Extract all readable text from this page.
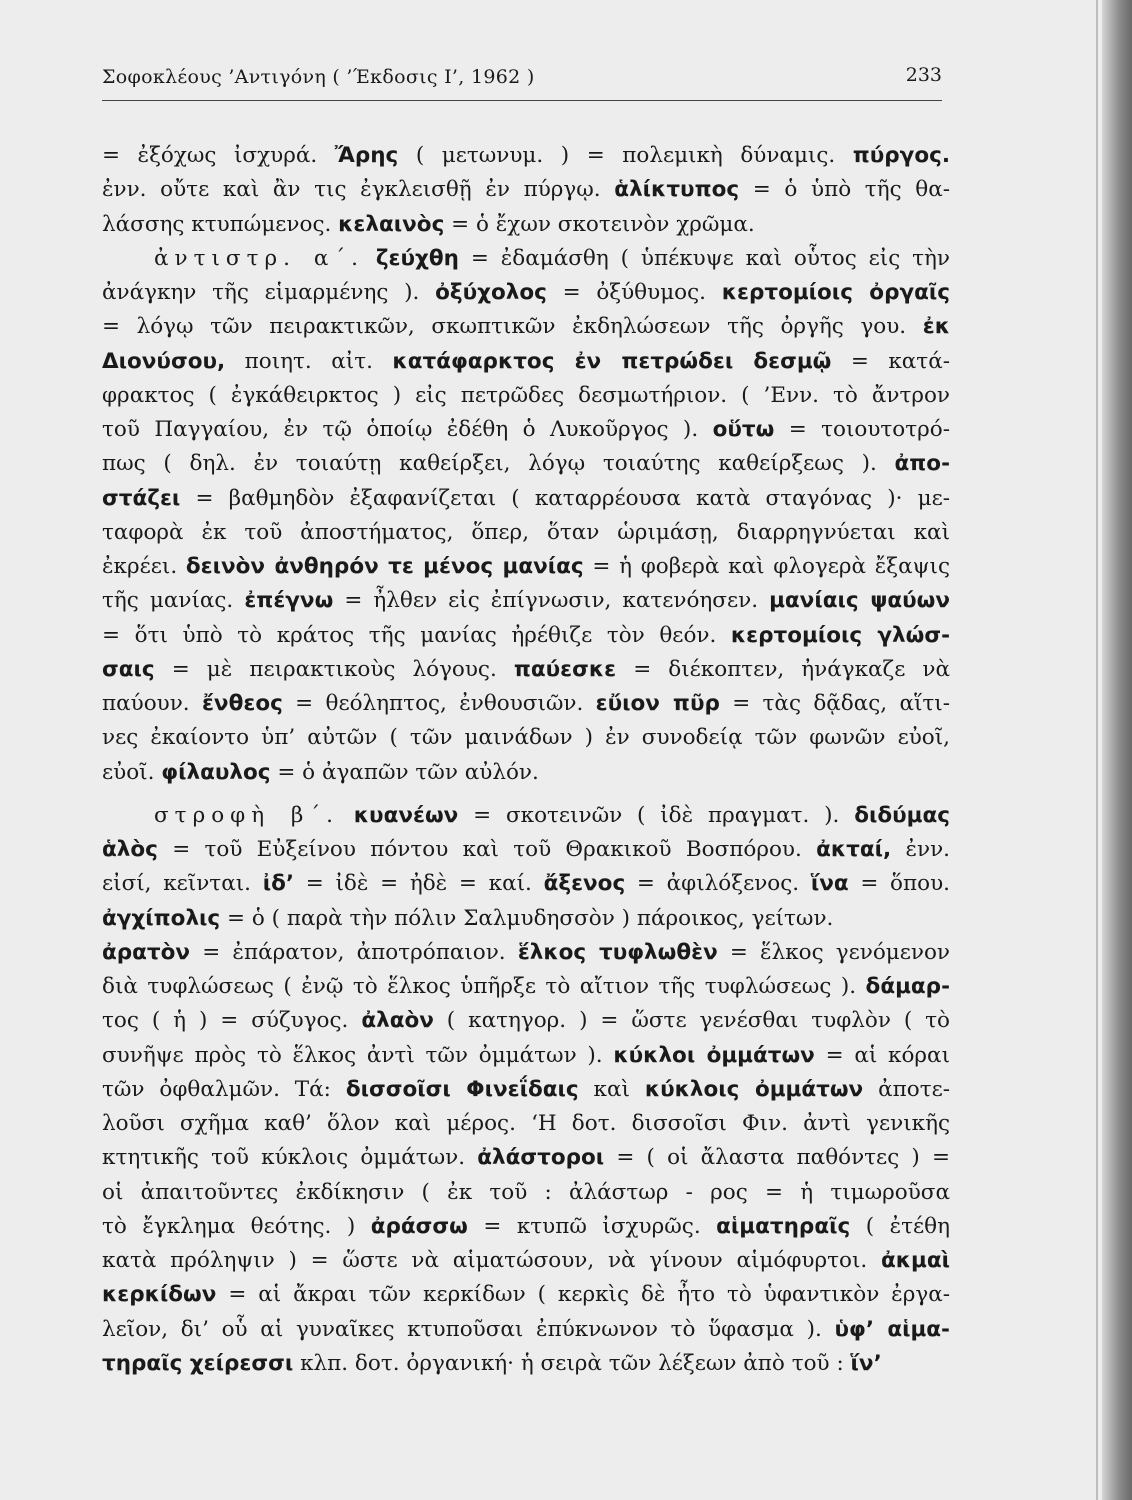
Σοφοκλέους ’Αντιγόνη ( ’Έκδοσις Ι’, 1962 )	233
= ἐξόχως ἰσχυρά. Ἄρης ( μετωνυμ. ) = πολεμικὴ δύναμις. πύργος.
ἐνν. οὔτε καὶ ἂν τις ἐγκλεισθῇ ἐν πύργῳ. ἁλίκτυπος = ὁ ὑπὸ τῆς θα-
λάσσης κτυπώμενος. κελαινὸς = ὁ ἔχων σκοτεινὸν χρῶμα.
ἀντιστρ. α΄. ζεύχθη = ἐδαμάσθη ( ὑπέκυψε καὶ οὗτος εἰς τὴν
ἀνάγκην τῆς εἱμαρμένης ). ὀξύχολος = ὀξύθυμος. κερτομίοις ὀργαῖς
= λόγῳ τῶν πειρακτικῶν, σκωπτικῶν ἐκδηλώσεων τῆς ὀργῆς γου. ἐκ
Διονύσου, ποιητ. αἰτ. κατάφαρκτος ἐν πετρώδει δεσμῷ = κατά-
φρακτος ( ἐγκάθειρκτος ) εἰς πετρῶδες δεσμωτήριον. ( ’Ενν. τὸ ἄντρον
τοῦ Παγγαίου, ἐν τῷ ὁποίῳ ἐδέθη ὁ Λυκοῦργος ). οὕτω = τοιουτοτρό-
πως ( δηλ. ἐν τοιαύτῃ καθείρξει, λόγῳ τοιαύτης καθείρξεως ). ἀπο-
στάζει = βαθμηδὸν ἐξαφανίζεται ( καταρρέουσα κατὰ σταγόνας )· με-
ταφορὰ ἐκ τοῦ ἀποστήματος, ὅπερ, ὅταν ὡριμάσῃ, διαρρηγνύεται καὶ
ἐκρέει. δεινὸν ἀνθηρόν τε μένος μανίας = ἡ φοβερὰ καὶ φλογερὰ ἔξαψις
τῆς μανίας. ἐπέγνω = ἦλθεν εἰς ἐπίγνωσιν, κατενόησεν. μανίαις ψαύων
= ὅτι ὑπὸ τὸ κράτος τῆς μανίας ἠρέθιζε τὸν θεόν. κερτομίοις γλώσ-
σαις = μὲ πειρακτικοὺς λόγους. παύεσκε = διέκοπτεν, ἠνάγκαζε νὰ
παύουν. ἔνθεος = θεόληπτος, ἐνθουσιῶν. εὔιον πῦρ = τὰς δᾷδας, αἵτι-
νες ἐκαίοντο ὑπ’ αὐτῶν ( τῶν μαινάδων ) ἐν συνοδείᾳ τῶν φωνῶν εὐοῖ,
εὐοῖ. φίλαυλος = ὁ ἀγαπῶν τῶν αὐλόν.
στροφὴ β΄. κυανέων = σκοτεινῶν ( ἰδὲ πραγματ. ). διδύμας
ἁλὸς = τοῦ Εὐξείνου πόντου καὶ τοῦ Θρακικοῦ Βοσπόρου. ἀκταί, ἐνν.
εἰσί, κεῖνται. ἰδ’ = ἰδὲ = ἠδὲ = καί. ἄξενος = ἀφιλόξενος. ἵνα = ὅπου.
ἀγχίπολις = ὁ ( παρὰ τὴν πόλιν Σαλμυδησσὸν ) πάροικος, γείτων.
ἀρατὸν = ἐπάρατον, ἀποτρόπαιον. ἕλκος τυφλωθὲν = ἕλκος γενόμενον
διὰ τυφλώσεως ( ἐνῷ τὸ ἕλκος ὑπῆρξε τὸ αἴτιον τῆς τυφλώσεως ). δάμαρ-
τος ( ἡ ) = σύζυγος. ἀλαὸν ( κατηγορ. ) = ὥστε γενέσθαι τυφλὸν ( τὸ
συνῆψε πρὸς τὸ ἕλκος ἀντὶ τῶν ὀμμάτων ). κύκλοι ὀμμάτων = αἱ κόραι
τῶν ὀφθαλμῶν. Τά: δισσοῖσι Φινεΐδαις καὶ κύκλοις ὀμμάτων ἀποτε-
λοῦσι σχῆμα καθ’ ὅλον καὶ μέρος. ‘Η δοτ. δισσοῖσι Φιν. ἀντὶ γενικῆς
κτητικῆς τοῦ κύκλοις ὀμμάτων. ἀλάστοροι = ( οἱ ἄλαστα παθόντες ) =
οἱ ἀπαιτοῦντες ἐκδίκησιν ( ἐκ τοῦ : ἀλάστωρ - ρος = ἡ τιμωροῦσα
τὸ ἔγκλημα θεότης. ) ἀράσσω = κτυπῶ ἰσχυρῶς. αἱματηραῖς ( ἐτέθη
κατὰ πρόληψιν ) = ὥστε νὰ αἱματώσουν, νὰ γίνουν αἱμόφυρτοι. ἀκμαὶ
κερκίδων = αἱ ἄκραι τῶν κερκίδων ( κερκὶς δὲ ἦτο τὸ ὑφαντικὸν ἐργα-
λεῖον, δι’ οὗ αἱ γυναῖκες κτυποῦσαι ἐπύκνωνον τὸ ὕφασμα ). ὑφ’ αἱμα-
τηραῖς χείρεσσι κλπ. δοτ. ὀργανική· ἡ σειρὰ τῶν λέξεων ἀπὸ τοῦ : ἵν’
